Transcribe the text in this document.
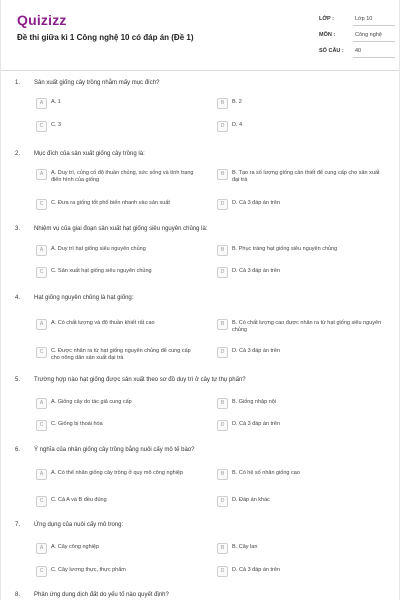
Quizizz
Đề thi giữa kì 1 Công nghệ 10 có đáp án (Đề 1)
LỚP :	Lớp 10
MÔN :	Công nghệ
SỐ CÂU :	40
1. Sản xuất giống cây trồng nhằm mấy mục đích?
A	A. 1	B	B. 2
C	C. 3	D	D. 4
2. Mục đích của sản xuất giống cây trồng là:
A	A. Duy trì, củng cố độ thuần chủng, sức sống và tính trạng điển hình của giống
B	B. Tạo ra số lượng giống cần thiết để cung cấp cho sản xuất đại trà
C	C. Đưa ra giống tốt phổ biến nhanh vào sản xuất	D	D. Cả 3 đáp án trên
3. Nhiệm vụ của giai đoạn sản xuất hạt giống siêu nguyên chủng là:
A	A. Duy trì hạt giống siêu nguyên chủng	B	B. Phục tráng hạt giống siêu nguyên chủng
C	C. Sản xuất hạt giống siêu nguyên chủng	D	D. Cả 3 đáp án trên
4. Hạt giống nguyên chủng là hạt giống:
A	A. Có chất lượng và độ thuần khiết rất cao	B	B. Có chất lượng cao được nhân ra từ hạt giống siêu nguyên chủng
C	C. Được nhân ra từ hạt giống nguyên chủng để cung cấp cho nông dân sản xuất đại trà
D	D. Cả 3 đáp án trên
5. Trường hợp nào hạt giống được sản xuất theo sơ đồ duy trì ở cây tự thụ phấn?
A	A. Giống cây do tác giả cung cấp	B	B. Giống nhập nội
C	C. Giống bị thoái hóa	D	D. Cả 3 đáp án trên
6. Ý nghĩa của nhân giống cây trồng bằng nuôi cấy mô tế bào?
A	A. Có thể nhân giống cây trồng ở quy mô công nghiệp	B	B. Có hệ số nhân giống cao
C	C. Cả A và B đều đúng	D	D. Đáp án khác
7. Ứng dụng của nuôi cấy mô trong:
A	A. Cây công nghiệp	B	B. Cây lan
C	C. Cây lương thực, thực phẩm	D	D. Cả 3 đáp án trên
8. Phản ứng dung dịch đất do yếu tố nào quyết định?
